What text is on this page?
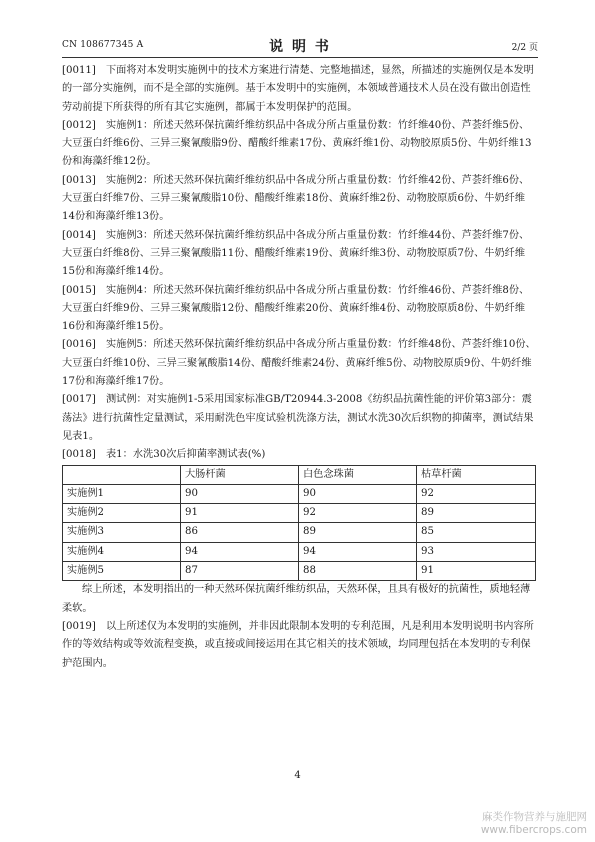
CN 108677345 A	说 明 书	2/2 页
[0011] 下面将对本发明实施例中的技术方案进行清楚、完整地描述，显然，所描述的实施例仅是本发明的一部分实施例，而不是全部的实施例。基于本发明中的实施例，本领域普通技术人员在没有做出创造性劳动前提下所获得的所有其它实施例，都属于本发明保护的范围。
[0012] 实施例1：所述天然环保抗菌纤维纺织品中各成分所占重量份数：竹纤维40份、芦荟纤维5份、大豆蛋白纤维6份、三异三聚氰酸脂9份、醋酸纤维素17份、黄麻纤维1份、动物胶原质5份、牛奶纤维13份和海藻纤维12份。
[0013] 实施例2：所述天然环保抗菌纤维纺织品中各成分所占重量份数：竹纤维42份、芦荟纤维6份、大豆蛋白纤维7份、三异三聚氰酸脂10份、醋酸纤维素18份、黄麻纤维2份、动物胶原质6份、牛奶纤维14份和海藻纤维13份。
[0014] 实施例3：所述天然环保抗菌纤维纺织品中各成分所占重量份数：竹纤维44份、芦荟纤维7份、大豆蛋白纤维8份、三异三聚氰酸脂11份、醋酸纤维素19份、黄麻纤维3份、动物胶原质7份、牛奶纤维15份和海藻纤维14份。
[0015] 实施例4：所述天然环保抗菌纤维纺织品中各成分所占重量份数：竹纤维46份、芦荟纤维8份、大豆蛋白纤维9份、三异三聚氰酸脂12份、醋酸纤维素20份、黄麻纤维4份、动物胶原质8份、牛奶纤维16份和海藻纤维15份。
[0016] 实施例5：所述天然环保抗菌纤维纺织品中各成分所占重量份数：竹纤维48份、芦荟纤维10份、大豆蛋白纤维10份、三异三聚氰酸脂14份、醋酸纤维素24份、黄麻纤维5份、动物胶原质9份、牛奶纤维17份和海藻纤维17份。
[0017] 测试例：对实施例1-5采用国家标准GB/T20944.3-2008《纺织品抗菌性能的评价第3部分：震荡法》进行抗菌性定量测试，采用耐洗色牢度试验机洗涤方法，测试水洗30次后织物的抑菌率，测试结果见表1。
[0018] 表1：水洗30次后抑菌率测试表(%)
	大肠杆菌	白色念珠菌	枯草杆菌
实施例1	90	90	92
实施例2	91	92	89
实施例3	86	89	85
实施例4	94	94	93
实施例5	87	88	91
综上所述，本发明指出的一种天然环保抗菌纤维纺织品，天然环保，且具有极好的抗菌性，质地轻薄柔软。
[0019] 以上所述仅为本发明的实施例，并非因此限制本发明的专利范围，凡是利用本发明说明书内容所作的等效结构或等效流程变换，或直接或间接运用在其它相关的技术领域，均同理包括在本发明的专利保护范围内。
4
麻类作物营养与施肥网
www.fibercrops.com
